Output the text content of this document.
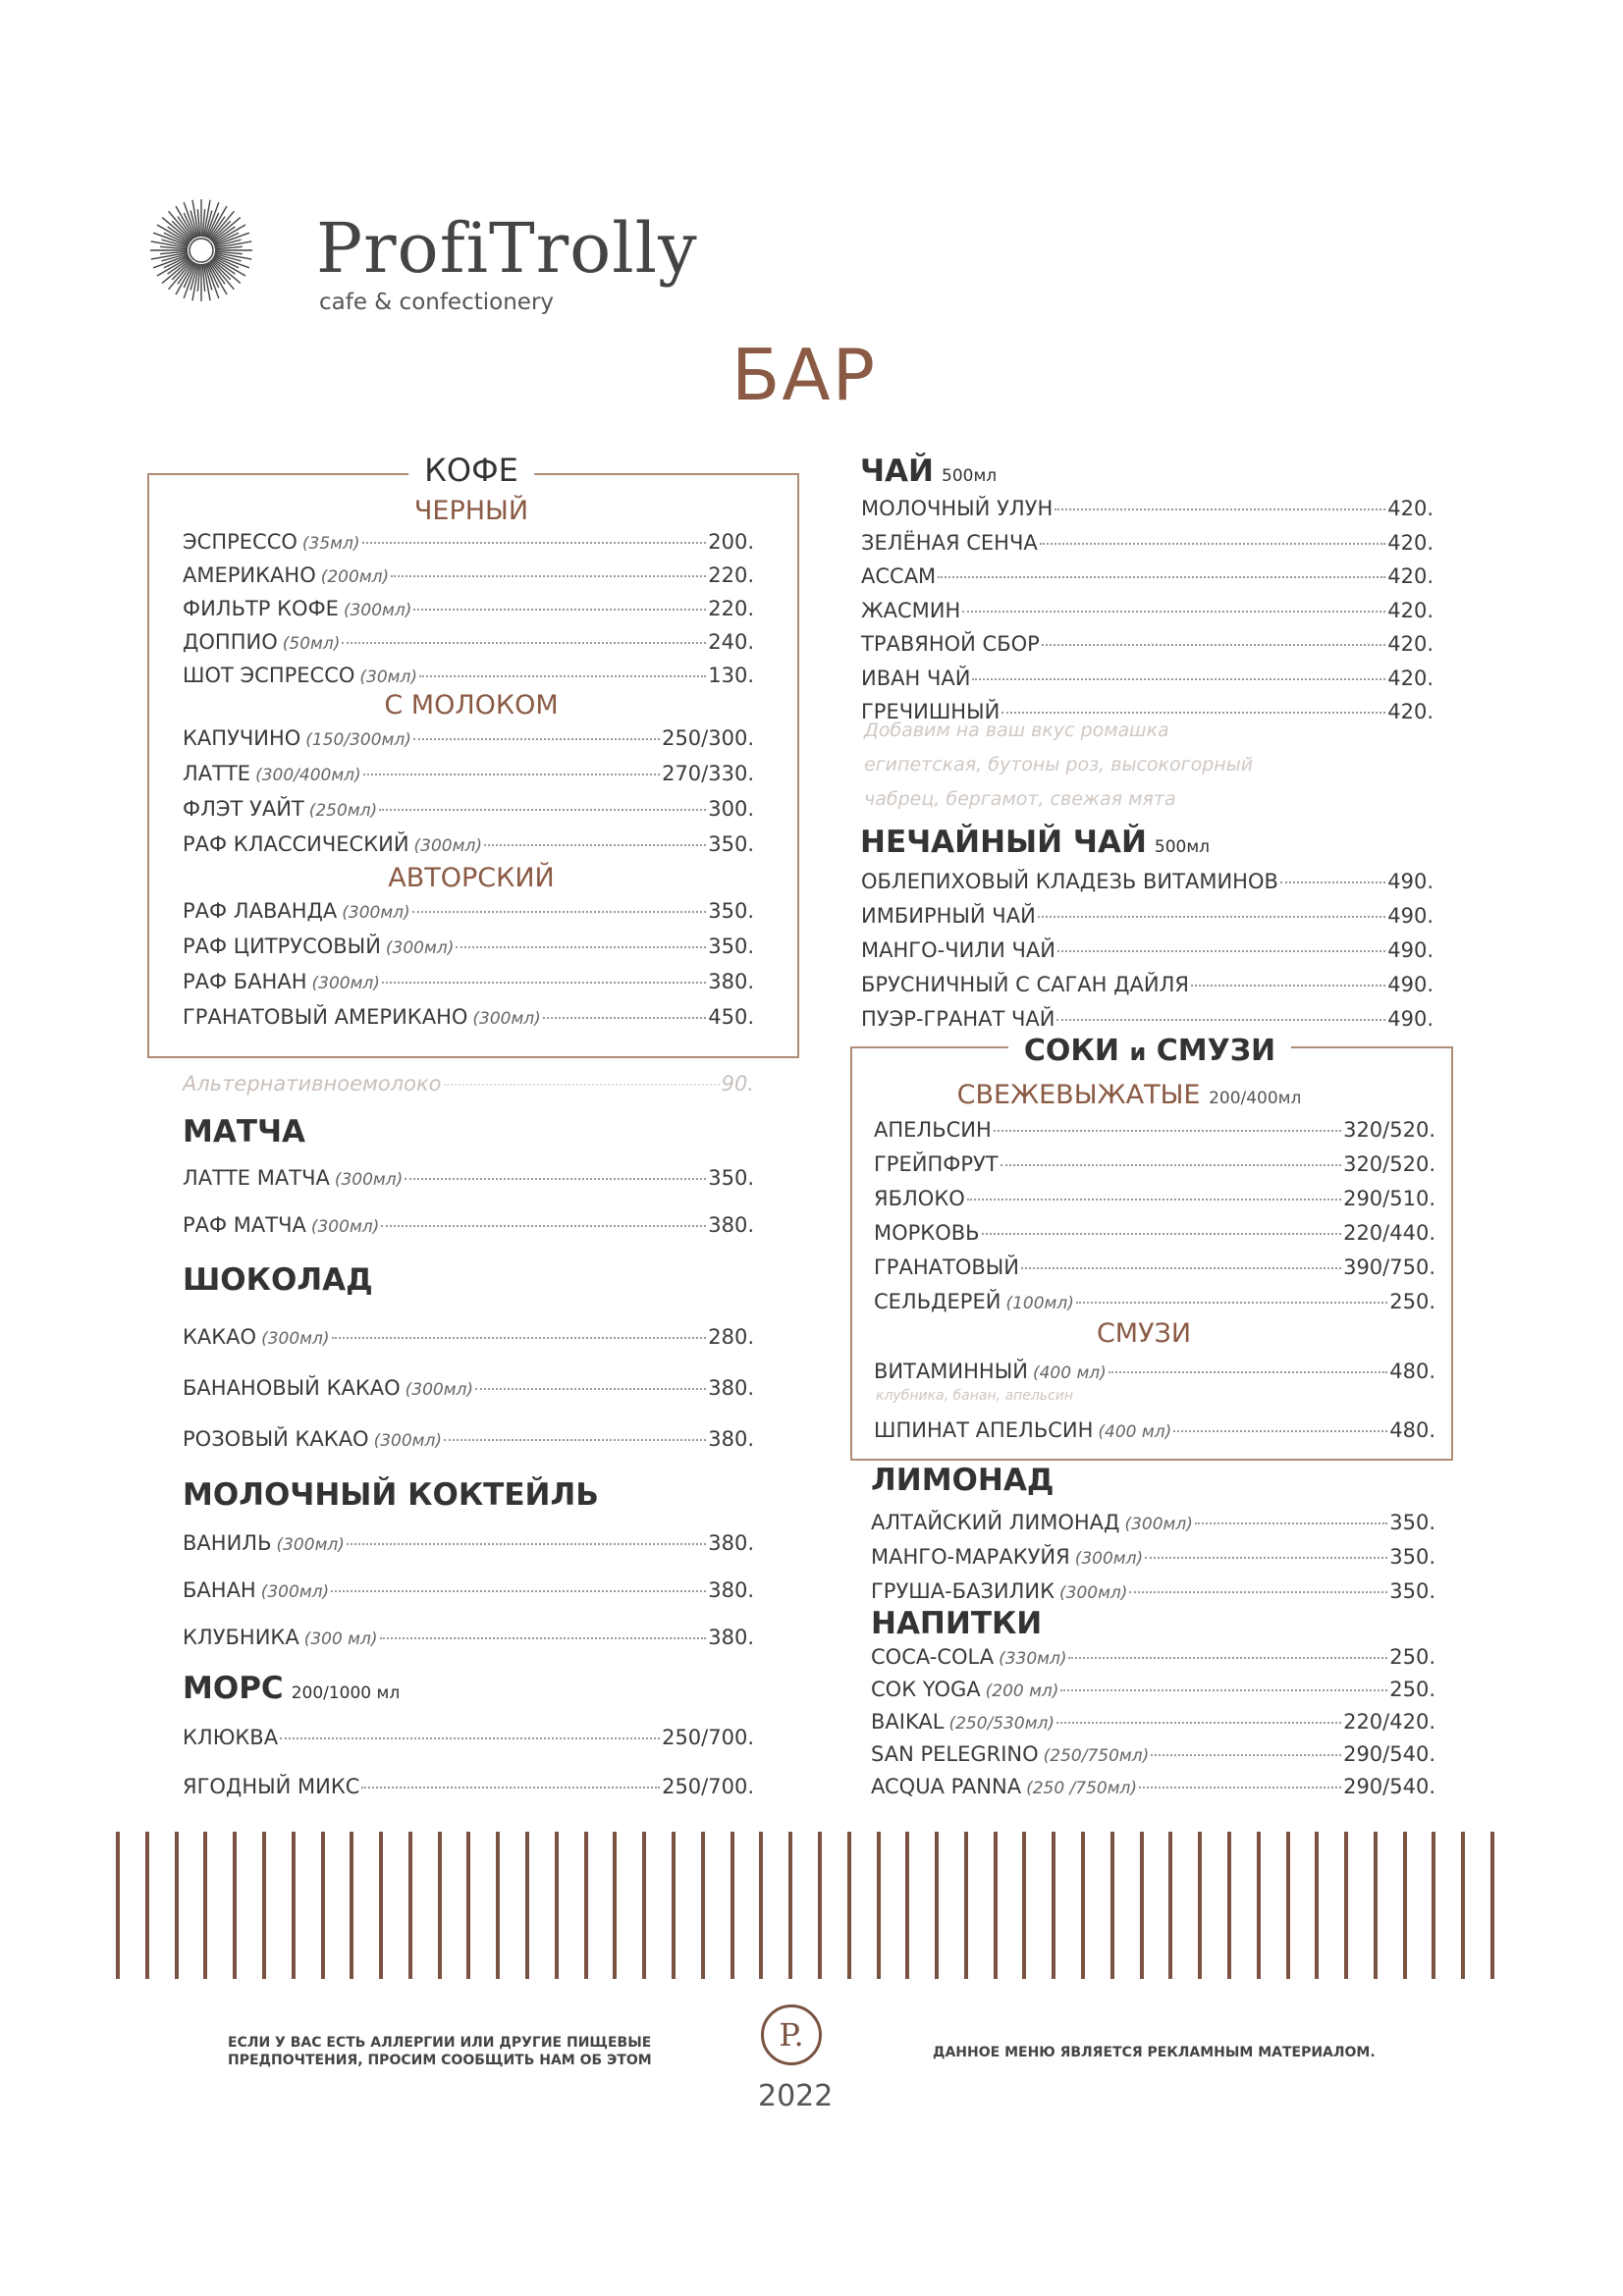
ProfiTrolly
cafe & confectionery
БАР
КОФЕ
ЧЕРНЫЙ
С МОЛОКОМ
АВТОРСКИЙ
ЭСПРЕССО (35мл)	200.
АМЕРИКАНО (200мл)	220.
ФИЛЬТР КОФЕ (300мл)	220.
ДОППИО (50мл)	240.
ШОТ ЭСПРЕССО (30мл)	130.
КАПУЧИНО (150/300мл)	250/300.
ЛАТТЕ (300/400мл)	270/330.
ФЛЭТ УАЙТ (250мл)	300.
РАФ КЛАССИЧЕСКИЙ (300мл)	350.
РАФ ЛАВАНДА (300мл)	350.
РАФ ЦИТРУСОВЫЙ (300мл)	350.
РАФ БАНАН (300мл)	380.
ГРАНАТОВЫЙ АМЕРИКАНО (300мл)	450.
ЛАТТЕ МАТЧА (300мл)	350.
РАФ МАТЧА (300мл)	380.
КАКАО (300мл)	280.
БАНАНОВЫЙ КАКАО (300мл)	380.
РОЗОВЫЙ КАКАО (300мл)	380.
ВАНИЛЬ (300мл)	380.
БАНАН (300мл)	380.
КЛУБНИКА (300 мл)	380.
КЛЮКВА	250/700.
ЯГОДНЫЙ МИКС	250/700.
АПЕЛЬСИН	320/520.
ГРЕЙПФРУТ	320/520.
ЯБЛОКО	290/510.
МОРКОВЬ	220/440.
ГРАНАТОВЫЙ	390/750.
СЕЛЬДЕРЕЙ (100мл)	250.
ВИТАМИННЫЙ (400 мл)	480.
ШПИНАТ АПЕЛЬСИН (400 мл)	480.
АЛТАЙСКИЙ ЛИМОНАД (300мл)	350.
МАНГО-МАРАКУЙЯ (300мл)	350.
ГРУША-БАЗИЛИК (300мл)	350.
COCA-COLA (330мл)	250.
СОК YOGA (200 мл)	250.
BAIKAL (250/530мл)	220/420.
SAN PELEGRINO (250/750мл)	290/540.
ACQUA PANNA (250 /750мл)	290/540.
Альтернативноемолоко	90.
МАТЧА
ШОКОЛАД
МОЛОЧНЫЙ КОКТЕЙЛЬ
МОРС 200/1000 мл
ЧАЙ 500мл
Добавим на ваш вкус ромашка
египетская, бутоны роз, высокогорный
чабрец, бергамот, свежая мята
НЕЧАЙНЫЙ ЧАЙ 500мл
СОКИ и СМУЗИ
СВЕЖЕВЫЖАТЫЕ 200/400мл
СМУЗИ
клубника, банан, апельсин
ЛИМОНАД
НАПИТКИ
МОЛОЧНЫЙ УЛУН	420.
ЗЕЛЁНАЯ СЕНЧА	420.
АССАМ	420.
ЖАСМИН	420.
ТРАВЯНОЙ СБОР	420.
ИВАН ЧАЙ	420.
ГРЕЧИШНЫЙ	420.
ОБЛЕПИХОВЫЙ КЛАДЕЗЬ ВИТАМИНОВ	490.
ИМБИРНЫЙ ЧАЙ	490.
МАНГО-ЧИЛИ ЧАЙ	490.
БРУСНИЧНЫЙ С САГАН ДАЙЛЯ	490.
ПУЭР-ГРАНАТ ЧАЙ	490.
ЕСЛИ У ВАС ЕСТЬ АЛЛЕРГИИ ИЛИ ДРУГИЕ ПИЩЕВЫЕ ПРЕДПОЧТЕНИЯ, ПРОСИМ СООБЩИТЬ НАМ ОБ ЭТОМ
P.
2022
ДАННОЕ МЕНЮ ЯВЛЯЕТСЯ РЕКЛАМНЫМ МАТЕРИАЛОМ.
